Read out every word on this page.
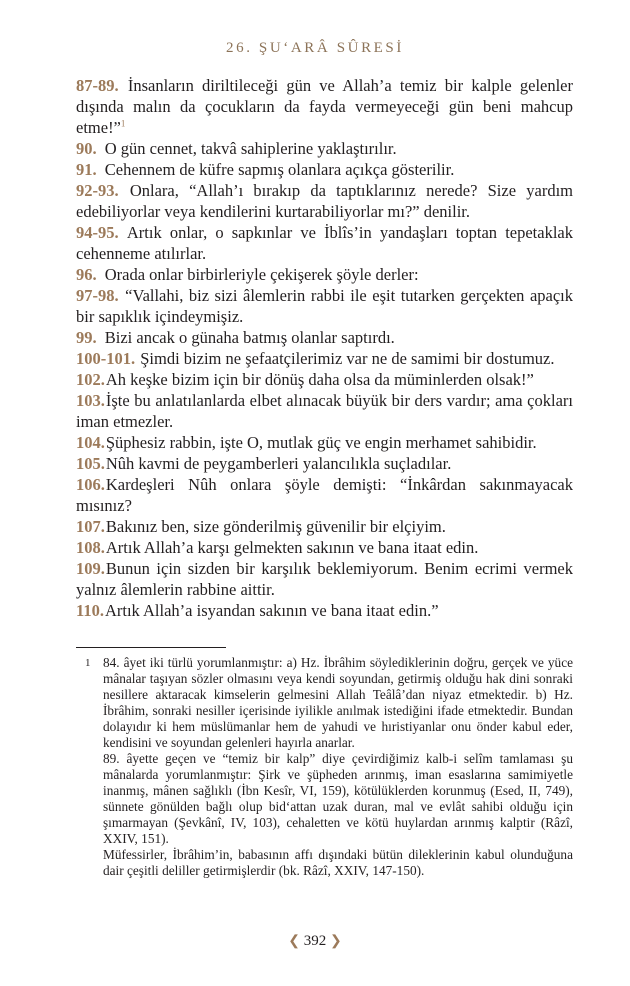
26. ŞU‘ARÂ SÛRESİ

87-89. İnsanların diriltileceği gün ve Allah’a temiz bir kalple gelenler dışında malın da çocukların da fayda vermeyeceği gün beni mahcup etme!”$^1$

90. O gün cennet, takvâ sahiplerine yaklaştırılır.

91. Cehennem de küfre sapmış olanlara açıkça gösterilir.

92-93. Onlara, “Allah’ı bırakıp da taptıklarınız nerede? Size yardım edebiliyorlar veya kendilerini kurtarabiliyorlar mı?” denilir.

94-95. Artık onlar, o sapkınlar ve İblîs’in yandaşları toptan tepetaklak cehenneme atılırlar.

96. Orada onlar birbirleriyle çekişerek şöyle derler:

97-98. “Vallahi, biz sizi âlemlerin rabbi ile eşit tutarken gerçekten apaçık bir sapıklık içindeymişiz.

99. Bizi ancak o günaha batmış olanlar saptırdı.

100-101. Şimdi bizim ne şefaatçilerimiz var ne de samimi bir dostumuz.

102.Ah keşke bizim için bir dönüş daha olsa da müminlerden olsak!”

103.İşte bu anlatılanlarda elbet alınacak büyük bir ders vardır; ama çokları iman etmezler.

104.Şüphesiz rabbin, işte O, mutlak güç ve engin merhamet sahibidir.

105.Nûh kavmi de peygamberleri yalancılıkla suçladılar.

106.Kardeşleri Nûh onlara şöyle demişti: “İnkârdan sakınmayacak mısınız?

107.Bakınız ben, size gönderilmiş güvenilir bir elçiyim.

108.Artık Allah’a karşı gelmekten sakının ve bana itaat edin.

109.Bunun için sizden bir karşılık beklemiyorum. Benim ecrimi vermek yalnız âlemlerin rabbine aittir.

110.Artık Allah’a isyandan sakının ve bana itaat edin.”

1 84. âyet iki türlü yorumlanmıştır: a) Hz. İbrâhim söylediklerinin doğru, gerçek ve yüce mânalar taşıyan sözler olmasını veya kendi soyundan, getirmiş olduğu hak dini sonraki nesillere aktaracak kimselerin gelmesini Allah Teâlâ’dan niyaz etmektedir. b) Hz. İbrâhim, sonraki nesiller içerisinde iyilikle anılmak istediğini ifade etmektedir. Bundan dolayıdır ki hem müslümanlar hem de yahudi ve hıristiyanlar onu önder kabul eder, kendisini ve soyundan gelenleri hayırla anarlar.

89. âyette geçen ve “temiz bir kalp” diye çevirdiğimiz kalb-i selîm tamlaması şu mânalarda yorumlanmıştır: Şirk ve şüpheden arınmış, iman esaslarına samimiyetle inanmış, mânen sağlıklı (İbn Kesîr, VI, 159), kötülüklerden korunmuş (Esed, II, 749), sünnete gönülden bağlı olup bid‘attan uzak duran, mal ve evlât sahibi olduğu için şımarmayan (Şevkânî, IV, 103), cehaletten ve kötü huylardan arınmış kalptir (Râzî, XXIV, 151).

Müfessirler, İbrâhim’in, babasının affı dışındaki bütün dileklerinin kabul olunduğuna dair çeşitli deliller getirmişlerdir (bk. Râzî, XXIV, 147-150).

❮ 392 ❯
